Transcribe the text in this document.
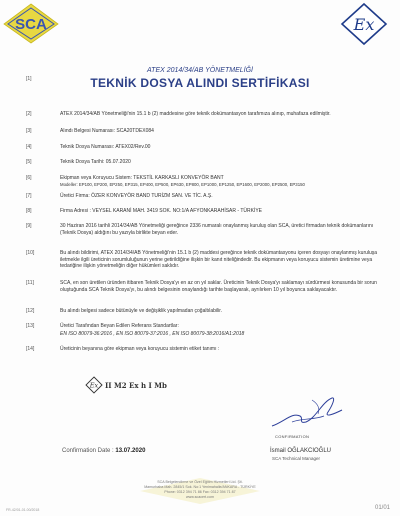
SCA	Ex
ATEX 2014/34/AB YÖNETMELİĞİ
TEKNİK DOSYA ALINDI SERTİFİKASI
[1]
[2]	ATEX 2014/34/AB Yönetmeliği'nin 15.1 b (2) maddesine göre teknik dokümantasyon tarafımıza alınıp, muhafaza edilmiştir.
[3]	Alındı Belgesi Numarası: SCA20TDEX084
[4]	Teknik Dosya Numarası: ATEX02/Rev.00
[5]	Teknik Dosya Tarihi: 05.07.2020
[6]	Ekipman veya Koruyucu Sistem: TEKSTİL KARKASLI KONVEYÖR BANT
Modeller: EP100, EP200, EP250, EP315, EP400, EP500, EP630, EP800, EP1000, EP1250, EP1600, EP2000, EP2500, EP3150
[7]	Üretici Firma: ÖZER KONVEYÖR BAND TURİZM SAN. VE TİC. A.Ş.
[8]	Firma Adresi : VEYSEL KARANİ MAH. 3419 SOK. NO:1/A AFYONKARAHİSAR - TÜRKİYE
[9]	30 Haziran 2016 tarihli 2014/34/AB Yönetmeliği gereğince 2336 numaralı onaylanmış kuruluş olan SCA, üretici firmadan teknik dokümanlarını (Teknik Dosya) aldığını bu yazıyla birlikte beyan eder.
[10]	Bu alındı bildirimi, ATEX 2014/34/AB Yönetmeliği'nin 15.1 b (2) maddesi gereğince teknik dokümantasyonu içeren dosyayı onaylanmış kuruluşa iletmekle ilgili üreticinin sorumluluğunun yerine getirildiğine ilişkin bir kanıt niteliğindedir. Bu ekipmanın veya koruyucu sistemin üretimine veya tedariğine ilişkin yönetmeliğin diğer hükümleri saklıdır.
[11]	SCA, en son üretilen üründen itibaren Teknik Dosya'yı en az on yıl saklar. Üreticinin Teknik Dosya'yı saklamayı sürdürmesi konusunda bir sorun oluştuğunda SCA Teknik Dosya'yı, bu alındı belgesinin onaylandığı tarihte başlayarak, ayrılırken 10 yıl boyunca saklayacaktır.
[12]	Bu alındı belgesi sadece bütünüyle ve değişiklik yapılmadan çoğaltılabilir.
[13]	Üretici Tarafından Beyan Edilen Referans Standartlar:
EN ISO 80079-36:2016 , EN ISO 80079-37:2016 , EN ISO 80079-38:2016/A1:2018
[14]	Üreticinin beyanına göre ekipman veya koruyucu sistemin etiket tanımı :
Ex II M2 Ex h I Mb
CONFIRMATION
İsmail OĞLAKCIOĞLU
SCA Technical Manager
Confirmation Date : 13.07.2020
SCA Belgelendirme ve Özel Eğitim Hizmetleri Ltd. Şti.
Mamurbaba Mah. 2845/1 Sok. No:1 Yenimahalle/ANKARA - TÜRKİYE
Phone: 0312 394 71 86 Fax: 0312 394 71 87
www.scacert.com
FR-42/01-01.00/2018	01/01
